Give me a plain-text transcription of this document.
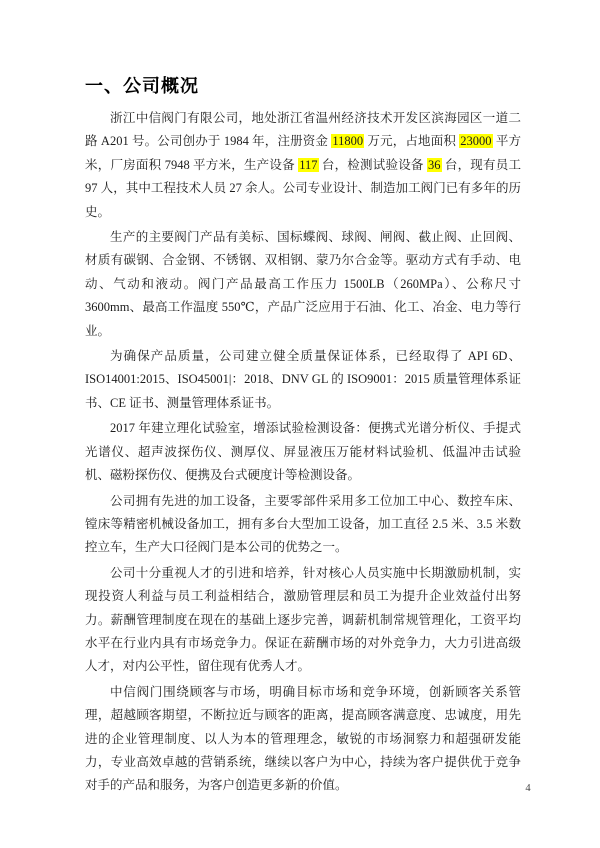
一、公司概况

浙江中信阀门有限公司，地处浙江省温州经济技术开发区滨海园区一道二路 A201 号。公司创办于 1984 年，注册资金 11800 万元，占地面积 23000 平方米，厂房面积 7948 平方米，生产设备 117 台，检测试验设备 36 台，现有员工 97 人，其中工程技术人员 27 余人。公司专业设计、制造加工阀门已有多年的历史。

生产的主要阀门产品有美标、国标蝶阀、球阀、闸阀、截止阀、止回阀、材质有碳钢、合金钢、不锈钢、双相钢、蒙乃尔合金等。驱动方式有手动、电动、气动和液动。阀门产品最高工作压力 1500LB（260MPa）、公称尺寸 3600mm、最高工作温度 550℃，产品广泛应用于石油、化工、冶金、电力等行业。

为确保产品质量，公司建立健全质量保证体系，已经取得了 API 6D、ISO14001:2015、ISO45001|：2018、DNV GL 的 ISO9001：2015 质量管理体系证书、CE 证书、测量管理体系证书。

2017 年建立理化试验室，增添试验检测设备：便携式光谱分析仪、手提式光谱仪、超声波探伤仪、测厚仪、屏显液压万能材料试验机、低温冲击试验机、磁粉探伤仪、便携及台式硬度计等检测设备。

公司拥有先进的加工设备，主要零部件采用多工位加工中心、数控车床、镗床等精密机械设备加工，拥有多台大型加工设备，加工直径 2.5 米、3.5 米数控立车，生产大口径阀门是本公司的优势之一。

公司十分重视人才的引进和培养，针对核心人员实施中长期激励机制，实现投资人利益与员工利益相结合，激励管理层和员工为提升企业效益付出努力。薪酬管理制度在现在的基础上逐步完善，调薪机制常规管理化，工资平均水平在行业内具有市场竞争力。保证在薪酬市场的对外竞争力，大力引进高级人才，对内公平性，留住现有优秀人才。

中信阀门围绕顾客与市场，明确目标市场和竞争环境，创新顾客关系管理，超越顾客期望，不断拉近与顾客的距离，提高顾客满意度、忠诚度，用先进的企业管理制度、以人为本的管理理念，敏锐的市场洞察力和超强研发能力，专业高效卓越的营销系统，继续以客户为中心，持续为客户提供优于竞争对手的产品和服务，为客户创造更多新的价值。	4
